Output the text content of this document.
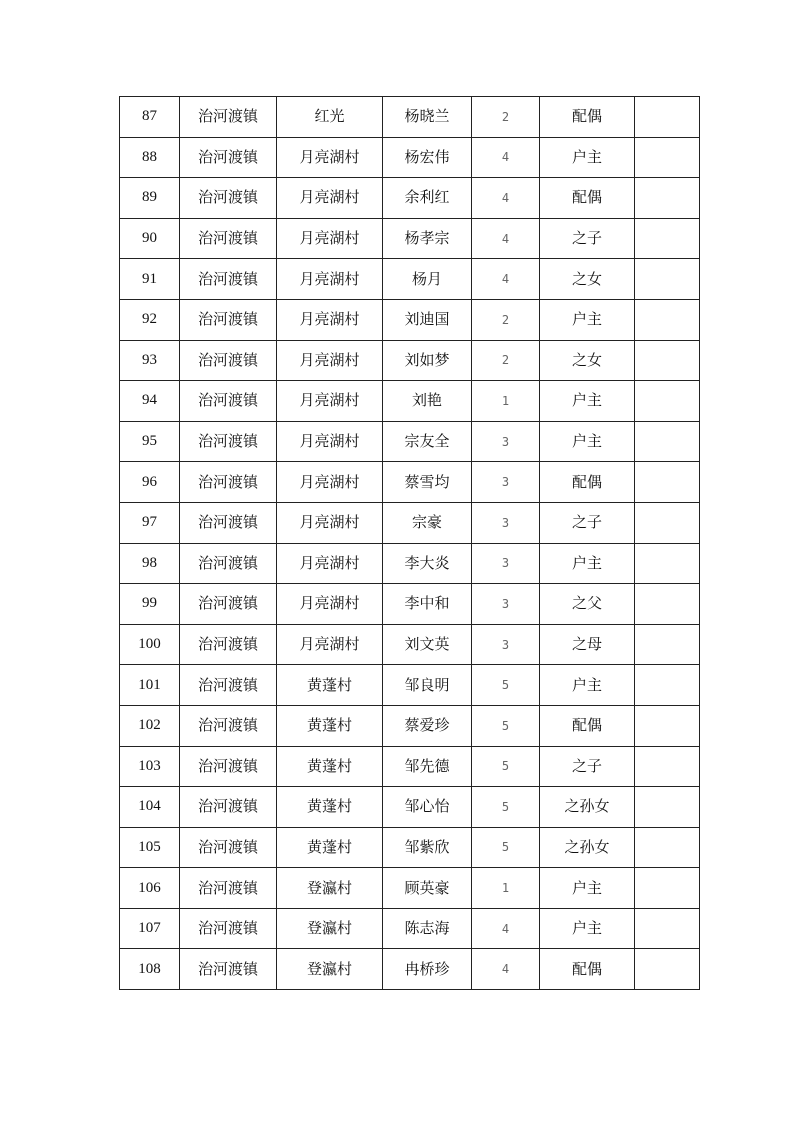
87	治河渡镇	红光	杨晓兰	2	配偶	
88	治河渡镇	月亮湖村	杨宏伟	4	户主	
89	治河渡镇	月亮湖村	余利红	4	配偶	
90	治河渡镇	月亮湖村	杨孝宗	4	之子	
91	治河渡镇	月亮湖村	杨月	4	之女	
92	治河渡镇	月亮湖村	刘迪国	2	户主	
93	治河渡镇	月亮湖村	刘如梦	2	之女	
94	治河渡镇	月亮湖村	刘艳	1	户主	
95	治河渡镇	月亮湖村	宗友全	3	户主	
96	治河渡镇	月亮湖村	蔡雪均	3	配偶	
97	治河渡镇	月亮湖村	宗豪	3	之子	
98	治河渡镇	月亮湖村	李大炎	3	户主	
99	治河渡镇	月亮湖村	李中和	3	之父	
100	治河渡镇	月亮湖村	刘文英	3	之母	
101	治河渡镇	黄蓬村	邹良明	5	户主	
102	治河渡镇	黄蓬村	蔡爱珍	5	配偶	
103	治河渡镇	黄蓬村	邹先德	5	之子	
104	治河渡镇	黄蓬村	邹心怡	5	之孙女	
105	治河渡镇	黄蓬村	邹紫欣	5	之孙女	
106	治河渡镇	登瀛村	顾英豪	1	户主	
107	治河渡镇	登瀛村	陈志海	4	户主	
108	治河渡镇	登瀛村	冉桥珍	4	配偶	
